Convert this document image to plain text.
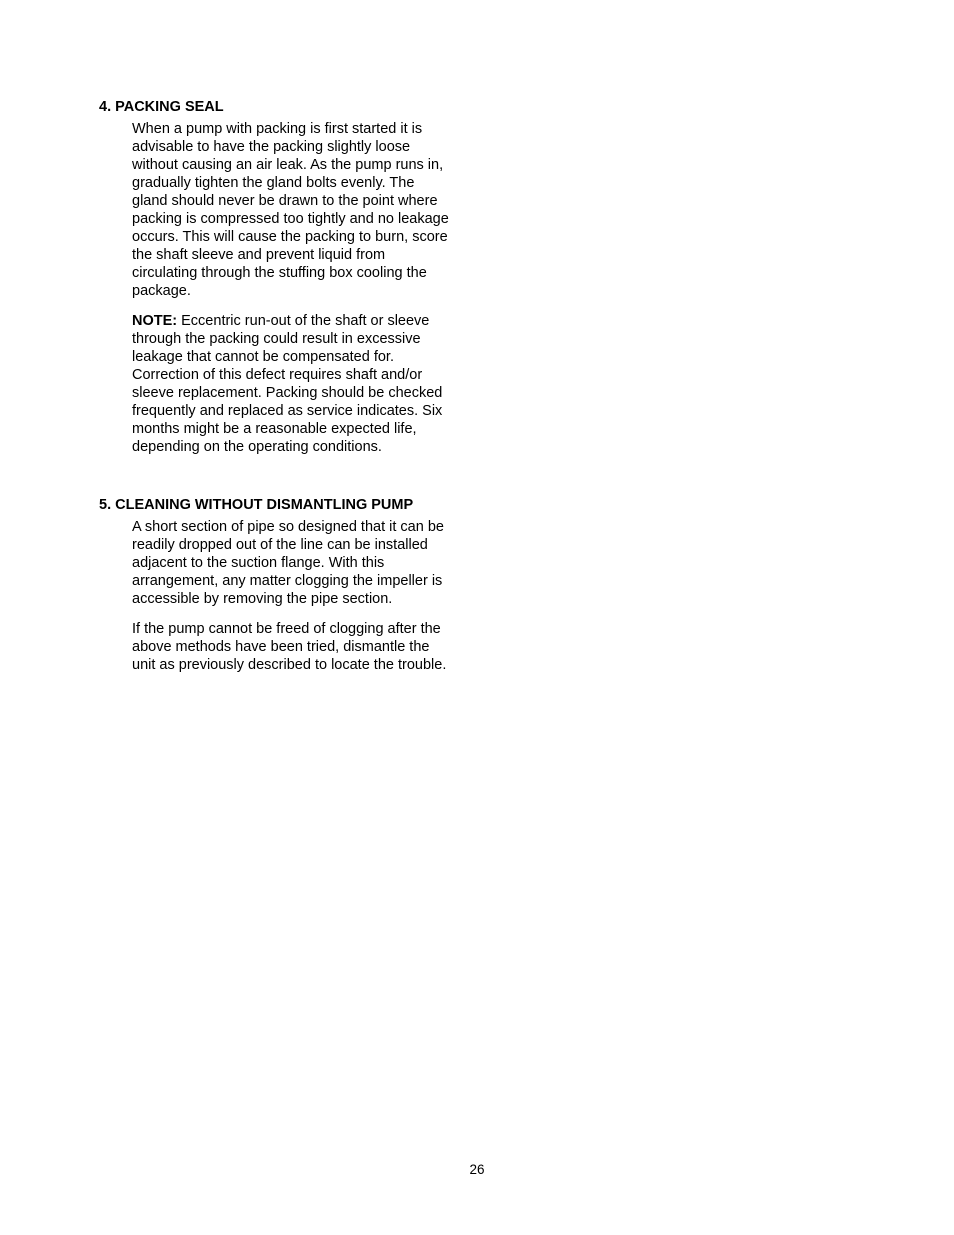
4. PACKING SEAL

When a pump with packing is first started it is advisable to have the packing slightly loose without causing an air leak. As the pump runs in, gradually tighten the gland bolts evenly. The gland should never be drawn to the point where packing is compressed too tightly and no leakage occurs. This will cause the packing to burn, score the shaft sleeve and prevent liquid from circulating through the stuffing box cooling the package.

NOTE: Eccentric run-out of the shaft or sleeve through the packing could result in excessive leakage that cannot be compensated for. Correction of this defect requires shaft and/or sleeve replacement. Packing should be checked frequently and replaced as service indicates. Six months might be a reasonable expected life, depending on the operating conditions.

5. CLEANING WITHOUT DISMANTLING PUMP

A short section of pipe so designed that it can be readily dropped out of the line can be installed adjacent to the suction flange. With this arrangement, any matter clogging the impeller is accessible by removing the pipe section.

If the pump cannot be freed of clogging after the above methods have been tried, dismantle the unit as previously described to locate the trouble.

26
